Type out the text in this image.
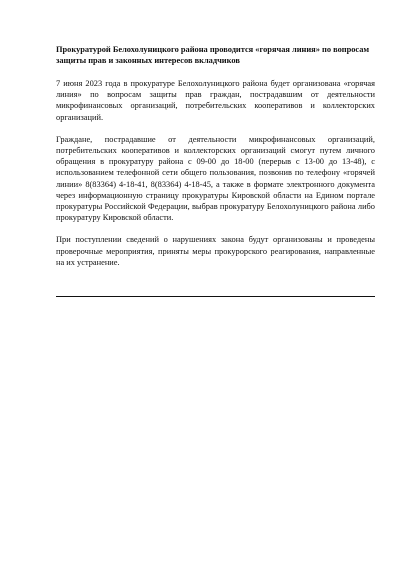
Прокуратурой Белохолуницкого района проводится «горячая линия» по вопросам защиты прав и законных интересов вкладчиков

7 июня 2023 года в прокуратуре Белохолуницкого района будет организована «горячая линия» по вопросам защиты прав граждан, пострадавшим от деятельности микрофинансовых организаций, потребительских кооперативов и коллекторских организаций.

Граждане, пострадавшие от деятельности микрофинансовых организаций, потребительских кооперативов и коллекторских организаций смогут путем личного обращения в прокуратуру района с 09-00 до 18-00 (перерыв с 13-00 до 13-48), с использованием телефонной сети общего пользования, позвонив по телефону «горячей линии» 8(83364) 4-18-41, 8(83364) 4-18-45, а также в формате электронного документа через информационную страницу прокуратуры Кировской области на Едином портале прокуратуры Российской Федерации, выбрав прокуратуру Белохолуницкого района либо прокуратуру Кировской области.

При поступлении сведений о нарушениях закона будут организованы и проведены проверочные мероприятия, приняты меры прокурорского реагирования, направленные на их устранение.
